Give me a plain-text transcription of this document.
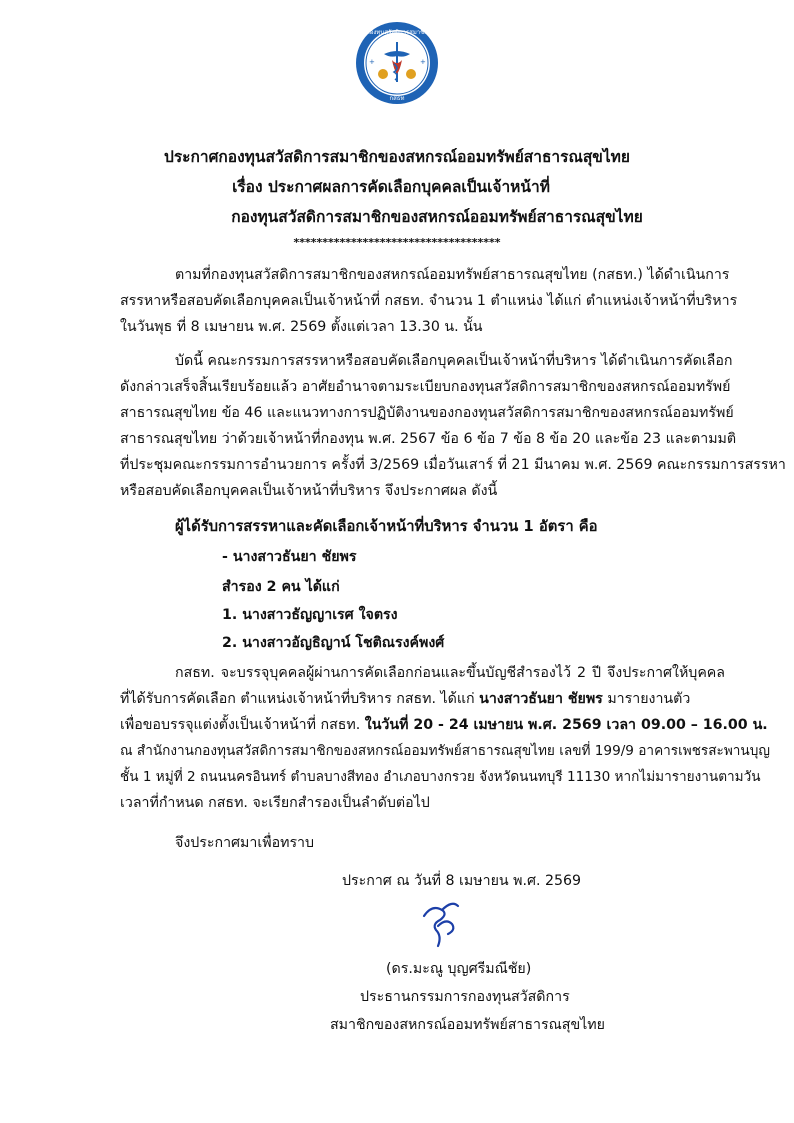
กองทุนสวัสดิการสมาชิก
กสธท
+	+
ประกาศกองทุนสวัสดิการสมาชิกของสหกรณ์ออมทรัพย์สาธารณสุขไทย
เรื่อง ประกาศผลการคัดเลือกบุคคลเป็นเจ้าหน้าที่
กองทุนสวัสดิการสมาชิกของสหกรณ์ออมทรัพย์สาธารณสุขไทย
************************************
ตามที่กองทุนสวัสดิการสมาชิกของสหกรณ์ออมทรัพย์สาธารณสุขไทย (กสธท.) ได้ดำเนินการ
สรรหาหรือสอบคัดเลือกบุคคลเป็นเจ้าหน้าที่ กสธท. จำนวน 1 ตำแหน่ง ได้แก่ ตำแหน่งเจ้าหน้าที่บริหาร
ในวันพุธ ที่ 8 เมษายน พ.ศ. 2569 ตั้งแต่เวลา 13.30 น. นั้น
บัดนี้ คณะกรรมการสรรหาหรือสอบคัดเลือกบุคคลเป็นเจ้าหน้าที่บริหาร ได้ดำเนินการคัดเลือก
ดังกล่าวเสร็จสิ้นเรียบร้อยแล้ว อาศัยอำนาจตามระเบียบกองทุนสวัสดิการสมาชิกของสหกรณ์ออมทรัพย์
สาธารณสุขไทย ข้อ 46 และแนวทางการปฏิบัติงานของกองทุนสวัสดิการสมาชิกของสหกรณ์ออมทรัพย์
สาธารณสุขไทย ว่าด้วยเจ้าหน้าที่กองทุน พ.ศ. 2567 ข้อ 6 ข้อ 7 ข้อ 8 ข้อ 20 และข้อ 23 และตามมติ
ที่ประชุมคณะกรรมการอำนวยการ ครั้งที่ 3/2569 เมื่อวันเสาร์ ที่ 21 มีนาคม พ.ศ. 2569 คณะกรรมการสรรหา
หรือสอบคัดเลือกบุคคลเป็นเจ้าหน้าที่บริหาร จึงประกาศผล ดังนี้
ผู้ได้รับการสรรหาและคัดเลือกเจ้าหน้าที่บริหาร จำนวน 1 อัตรา คือ
- นางสาวธันยา ชัยพร
สำรอง 2 คน ได้แก่
1. นางสาวธัญญาเรศ ใจตรง
2. นางสาวอัญธิญาน์ โชติณรงค์พงศ์
กสธท. จะบรรจุบุคคลผู้ผ่านการคัดเลือกก่อนและขึ้นบัญชีสำรองไว้ 2 ปี จึงประกาศให้บุคคล
ที่ได้รับการคัดเลือก ตำแหน่งเจ้าหน้าที่บริหาร กสธท. ได้แก่ นางสาวธันยา ชัยพร มารายงานตัว
เพื่อขอบรรจุแต่งตั้งเป็นเจ้าหน้าที่ กสธท. ในวันที่ 20 - 24 เมษายน พ.ศ. 2569 เวลา 09.00 – 16.00 น.
ณ สำนักงานกองทุนสวัสดิการสมาชิกของสหกรณ์ออมทรัพย์สาธารณสุขไทย เลขที่ 199/9 อาคารเพชรสะพานบุญ
ชั้น 1 หมู่ที่ 2 ถนนนครอินทร์ ตำบลบางสีทอง อำเภอบางกรวย จังหวัดนนทบุรี 11130 หากไม่มารายงานตามวัน
เวลาที่กำหนด กสธท. จะเรียกสำรองเป็นลำดับต่อไป
จึงประกาศมาเพื่อทราบ
ประกาศ ณ วันที่ 8 เมษายน พ.ศ. 2569
(ดร.มะณู บุญศรีมณีชัย)
ประธานกรรมการกองทุนสวัสดิการ
สมาชิกของสหกรณ์ออมทรัพย์สาธารณสุขไทย
